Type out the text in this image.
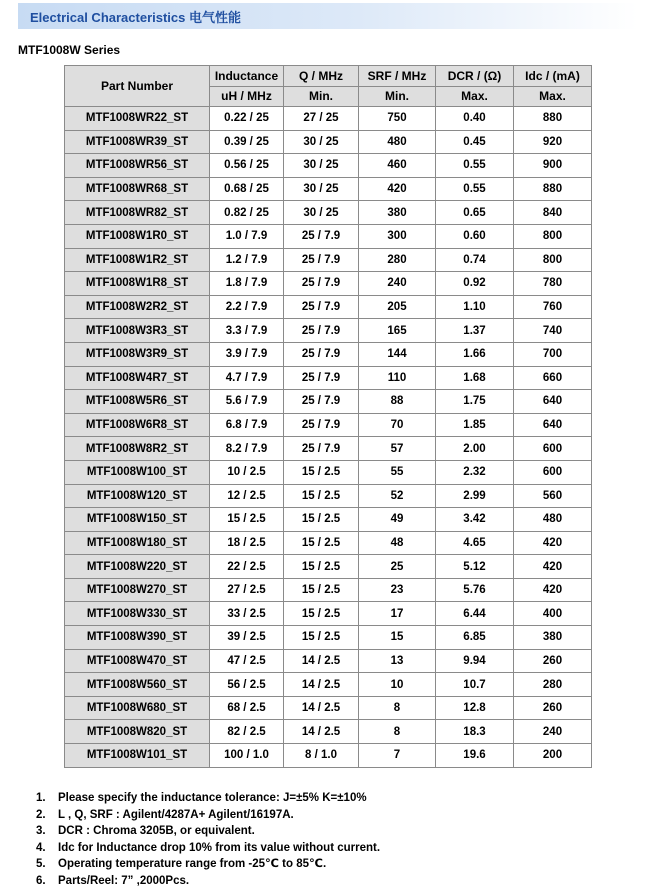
Electrical Characteristics 电气性能
MTF1008W Series
Part Number	Inductance	Q / MHz	SRF / MHz	DCR / (Ω)	Idc / (mA)
	uH / MHz	Min.	Min.	Max.	Max.
MTF1008WR22_ST	0.22 / 25	27 / 25	750	0.40	880
MTF1008WR39_ST	0.39 / 25	30 / 25	480	0.45	920
MTF1008WR56_ST	0.56 / 25	30 / 25	460	0.55	900
MTF1008WR68_ST	0.68 / 25	30 / 25	420	0.55	880
MTF1008WR82_ST	0.82 / 25	30 / 25	380	0.65	840
MTF1008W1R0_ST	1.0 / 7.9	25 / 7.9	300	0.60	800
MTF1008W1R2_ST	1.2 / 7.9	25 / 7.9	280	0.74	800
MTF1008W1R8_ST	1.8 / 7.9	25 / 7.9	240	0.92	780
MTF1008W2R2_ST	2.2 / 7.9	25 / 7.9	205	1.10	760
MTF1008W3R3_ST	3.3 / 7.9	25 / 7.9	165	1.37	740
MTF1008W3R9_ST	3.9 / 7.9	25 / 7.9	144	1.66	700
MTF1008W4R7_ST	4.7 / 7.9	25 / 7.9	110	1.68	660
MTF1008W5R6_ST	5.6 / 7.9	25 / 7.9	88	1.75	640
MTF1008W6R8_ST	6.8 / 7.9	25 / 7.9	70	1.85	640
MTF1008W8R2_ST	8.2 / 7.9	25 / 7.9	57	2.00	600
MTF1008W100_ST	10 / 2.5	15 / 2.5	55	2.32	600
MTF1008W120_ST	12 / 2.5	15 / 2.5	52	2.99	560
MTF1008W150_ST	15 / 2.5	15 / 2.5	49	3.42	480
MTF1008W180_ST	18 / 2.5	15 / 2.5	48	4.65	420
MTF1008W220_ST	22 / 2.5	15 / 2.5	25	5.12	420
MTF1008W270_ST	27 / 2.5	15 / 2.5	23	5.76	420
MTF1008W330_ST	33 / 2.5	15 / 2.5	17	6.44	400
MTF1008W390_ST	39 / 2.5	15 / 2.5	15	6.85	380
MTF1008W470_ST	47 / 2.5	14 / 2.5	13	9.94	260
MTF1008W560_ST	56 / 2.5	14 / 2.5	10	10.7	280
MTF1008W680_ST	68 / 2.5	14 / 2.5	8	12.8	260
MTF1008W820_ST	82 / 2.5	14 / 2.5	8	18.3	240
MTF1008W101_ST	100 / 1.0	8 / 1.0	7	19.6	200
1.	Please specify the inductance tolerance: J=±5% K=±10%
2.	L , Q, SRF : Agilent/4287A+ Agilent/16197A.
3.	DCR : Chroma 3205B, or equivalent.
4.	Idc for Inductance drop 10% from its value without current.
5.	Operating temperature range from -25℃ to 85℃.
6.	Parts/Reel: 7” ,2000Pcs.
